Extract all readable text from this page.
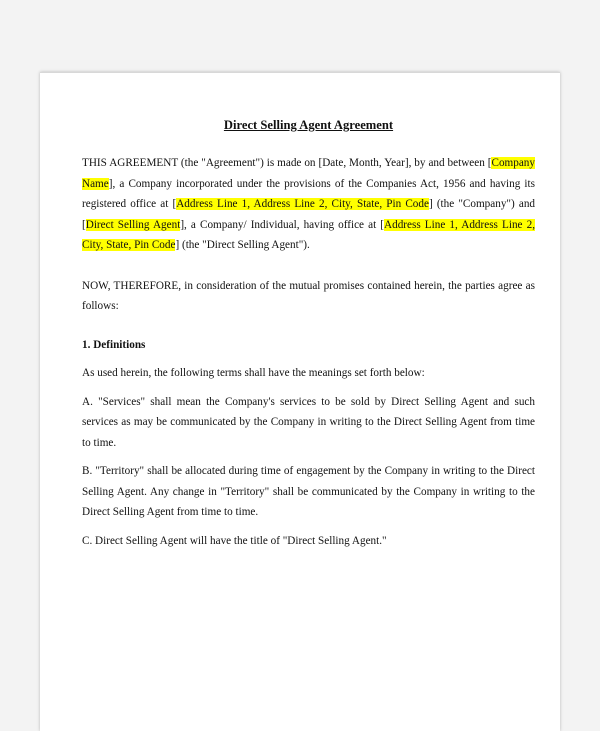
Direct Selling Agent Agreement

THIS AGREEMENT (the "Agreement") is made on [Date, Month, Year], by and between [Company Name], a Company incorporated under the provisions of the Companies Act, 1956 and having its registered office at [Address Line 1, Address Line 2, City, State, Pin Code] (the "Company") and [Direct Selling Agent], a Company/ Individual, having office at [Address Line 1, Address Line 2, City, State, Pin Code] (the "Direct Selling Agent").

NOW, THEREFORE, in consideration of the mutual promises contained herein, the parties agree as follows:

1. Definitions

As used herein, the following terms shall have the meanings set forth below:

A. "Services" shall mean the Company's services to be sold by Direct Selling Agent and such services as may be communicated by the Company in writing to the Direct Selling Agent from time to time.

B. "Territory" shall be allocated during time of engagement by the Company in writing to the Direct Selling Agent. Any change in "Territory" shall be communicated by the Company in writing to the Direct Selling Agent from time to time.

C. Direct Selling Agent will have the title of "Direct Selling Agent."
